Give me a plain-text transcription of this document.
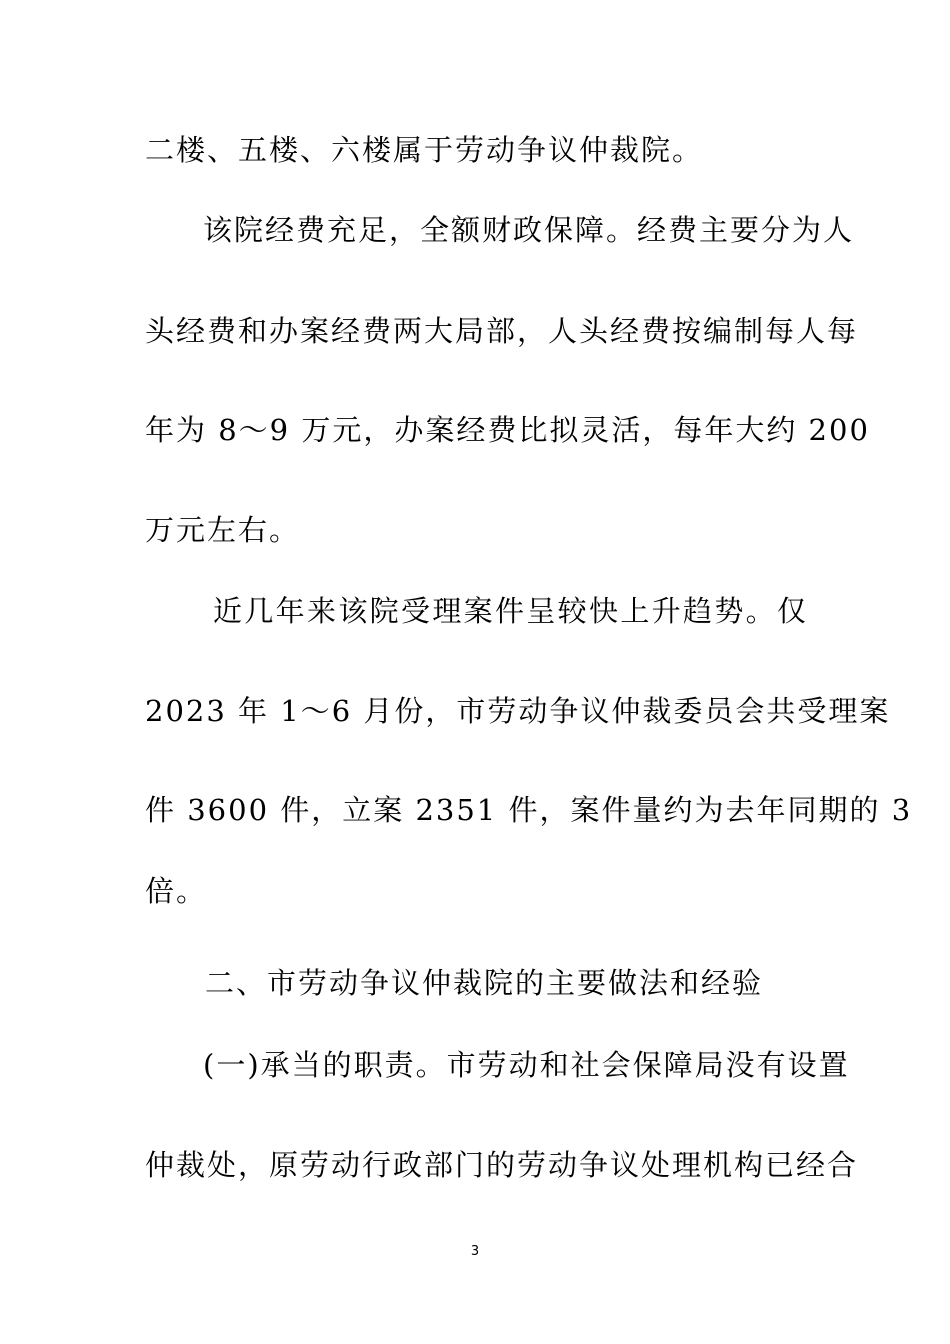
二楼、五楼、六楼属于劳动争议仲裁院。
该院经费充足，全额财政保障。经费主要分为人
头经费和办案经费两大局部，人头经费按编制每人每
年为 8～9 万元，办案经费比拟灵活，每年大约 200
万元左右。
近几年来该院受理案件呈较快上升趋势。仅
2023 年 1～6 月份，市劳动争议仲裁委员会共受理案
件 3600 件，立案 2351 件，案件量约为去年同期的 3
倍。
二、市劳动争议仲裁院的主要做法和经验
(一)承当的职责。市劳动和社会保障局没有设置
仲裁处，原劳动行政部门的劳动争议处理机构已经合
3
